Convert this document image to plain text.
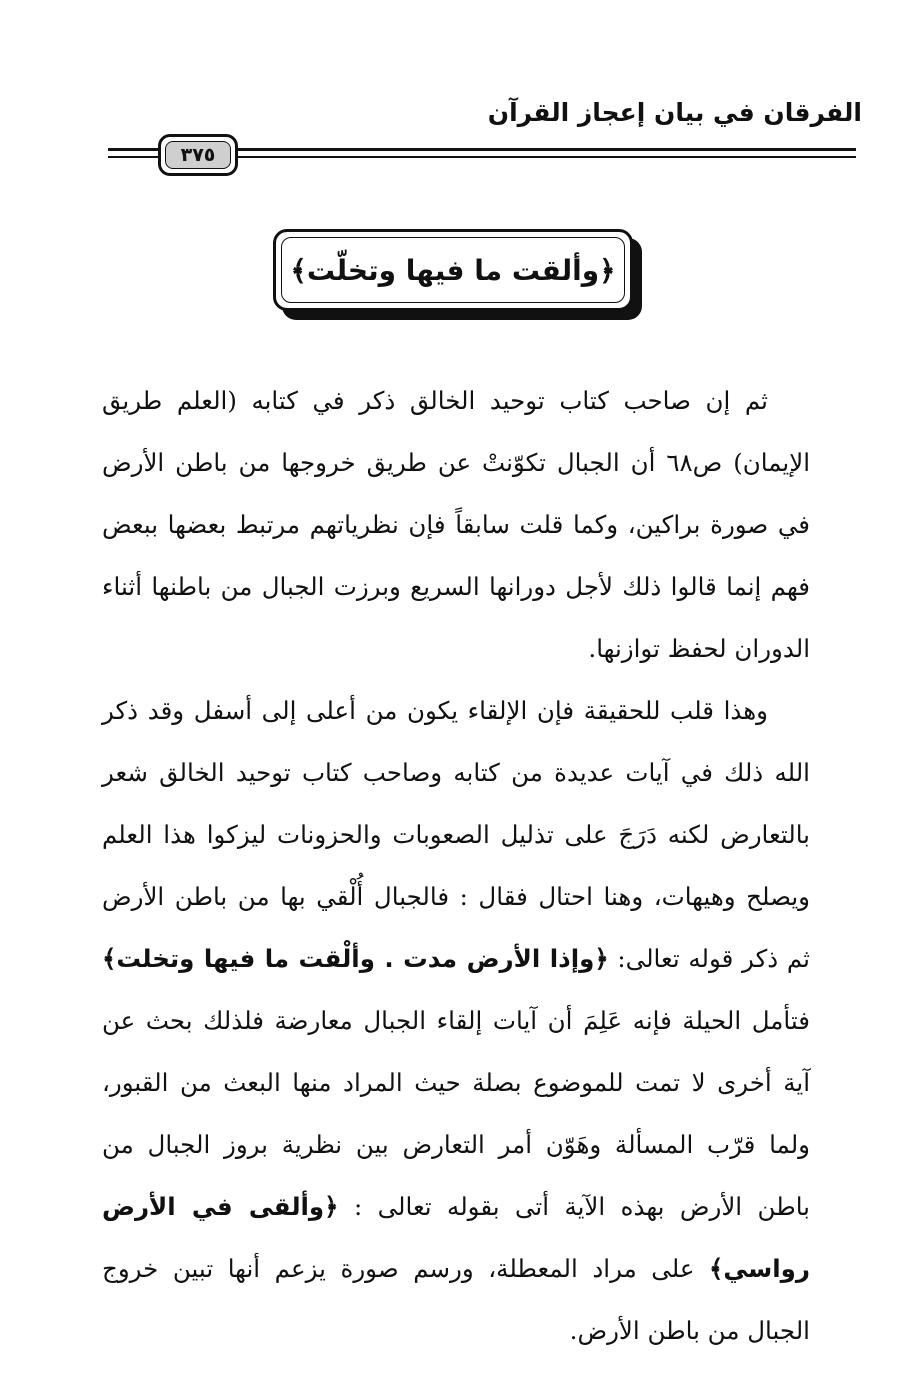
الفرقان في بيان إعجاز القرآن
٣٧٥
﴿وألقت ما فيها وتخلّت﴾

ثم إن صاحب كتاب توحيد الخالق ذكر في كتابه (العلم طريق الإيمان) ص٦٨ أن الجبال تكوّنتْ عن طريق خروجها من باطن الأرض في صورة براكين، وكما قلت سابقاً فإن نظرياتهم مرتبط بعضها ببعض فهم إنما قالوا ذلك لأجل دورانها السريع وبرزت الجبال من باطنها أثناء الدوران لحفظ توازنها.

وهذا قلب للحقيقة فإن الإلقاء يكون من أعلى إلى أسفل وقد ذكر الله ذلك في آيات عديدة من كتابه وصاحب كتاب توحيد الخالق شعر بالتعارض لكنه دَرَجَ على تذليل الصعوبات والحزونات ليزكوا هذا العلم ويصلح وهيهات، وهنا احتال فقال : فالجبال أُلْقي بها من باطن الأرض ثم ذكر قوله تعالى: ﴿وإذا الأرض مدت . وألْقت ما فيها وتخلت﴾ فتأمل الحيلة فإنه عَلِمَ أن آيات إلقاء الجبال معارضة فلذلك بحث عن آية أخرى لا تمت للموضوع بصلة حيث المراد منها البعث من القبور، ولما قرّب المسألة وهَوّن أمر التعارض بين نظرية بروز الجبال من باطن الأرض بهذه الآية أتى بقوله تعالى : ﴿وألقى في الأرض رواسي﴾ على مراد المعطلة، ورسم صورة يزعم أنها تبين خروج الجبال من باطن الأرض.
